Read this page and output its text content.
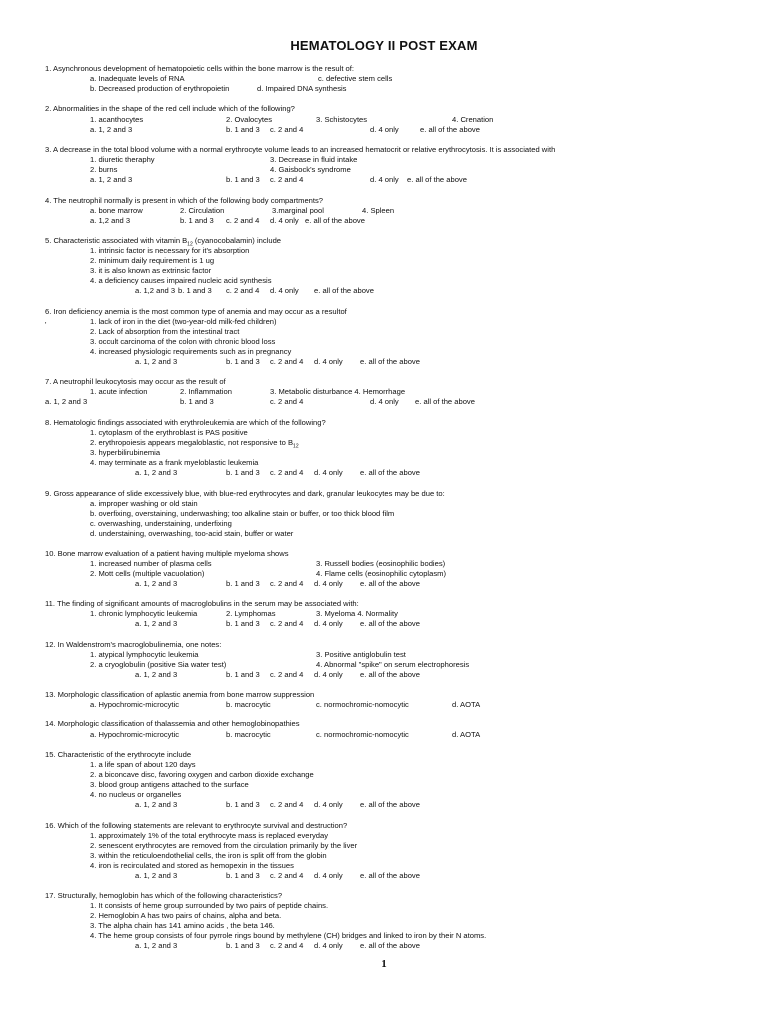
HEMATOLOGY II POST EXAM
1. Asynchronous development of hematopoietic cells within the bone marrow is the result of:
a. Inadequate levels of RNA	c. defective stem cells
b. Decreased production of erythropoietin	d. Impaired DNA synthesis
2. Abnormalities in the shape of the red cell include which of the following?
1. acanthocytes	2. Ovalocytes	3. Schistocytes	4. Crenation
a. 1, 2 and 3	b. 1 and 3 c. 2 and 4	d. 4 only	e. all of the above
3. A decrease in the total blood volume with a normal erythrocyte volume leads to an increased hematocrit or relative erythrocytosis. It is associated with
1. diuretic theraphy	3. Decrease in fluid intake
2. burns	4. Gaisbock's syndrome
a. 1, 2 and 3	b. 1 and 3 c. 2 and 4	d. 4 only e. all of the above
4. The neutrophil normally is present in which of the following body compartments?
a. bone marrow	2. Circulation	3.marginal pool	4. Spleen
a. 1,2 and 3	b. 1 and 3 c. 2 and 4 d. 4 only e. all of the above
5. Characteristic associated with vitamin $B_{12}$ (cyanocobalamin) include
1. intrinsic factor is necessary for it's absorption
2. minimum daily requirement is 1 ug
3. it is also known as extrinsic factor
4. a deficiency causes impaired nucleic acid synthesis
a. 1,2 and 3 b. 1 and 3 c. 2 and 4 d. 4 only e. all of the above
6. Iron deficiency anemia is the most common type of anemia and may occur as a resultof
'	1. lack of iron in the diet (two-year-old milk-fed children)
2. Lack of absorption from the intestinal tract
3. occult carcinoma of the colon with chronic blood loss
4. increased physiologic requirements such as in pregnancy
a. 1, 2 and 3	b. 1 and 3 c. 2 and 4 d. 4 only e. all of the above
7. A neutrophil leukocytosis may occur as the result of
1. acute infection	2. Inflammation	3. Metabolic disturbance 4. Hemorrhage
a. 1, 2 and 3	b. 1 and 3	c. 2 and 4	d. 4 only e. all of the above
8. Hematologic findings associated with erythroleukemia are which of the following?
1. cytoplasm of the erythroblast is PAS positive
2. erythropoiesis appears megaloblastic, not responsive to $B_{12}$
3. hyperbilirubinemia
4. may terminate as a frank myeloblastic leukemia
a. 1, 2 and 3	b. 1 and 3 c. 2 and 4 d. 4 only e. all of the above
9. Gross appearance of slide excessively blue, with blue-red erythrocytes and dark, granular leukocytes may be due to:
a. improper washing or old stain
b. overfixing, overstaining, underwashing; too alkaline stain or buffer, or too thick blood film
c. overwashing, understaining, underfixing
d. understaining, overwashing, too-acid stain, buffer or water
10. Bone marrow evaluation of a patient having multiple myeloma shows
1. increased number of plasma cells	3. Russell bodies (eosinophilic bodies)
2. Mott cells (multiple vacuolation)	4. Flame cells (eosinophilic cytoplasm)
a. 1, 2 and 3	b. 1 and 3 c. 2 and 4 d. 4 only e. all of the above
11. The finding of significant amounts of macroglobulins in the serum may be associated with:
1. chronic lymphocytic leukemia	2. Lymphomas	3. Myeloma 4. Normality
a. 1, 2 and 3	b. 1 and 3 c. 2 and 4 d. 4 only e. all of the above
12. In Waldenstrom's macroglobulinemia, one notes:
1. atypical lymphocytic leukemia	3. Positive antiglobulin test
2. a cryoglobulin (positive Sia water test)	4. Abnormal "spike" on serum electrophoresis
a. 1, 2 and 3	b. 1 and 3 c. 2 and 4 d. 4 only e. all of the above
13. Morphologic classification of aplastic anemia from bone marrow suppression
a. Hypochromic-microcytic	b. macrocytic	c. normochromic-nomocytic	d. AOTA
14. Morphologic classification of thalassemia and other hemoglobinopathies
a. Hypochromic-microcytic	b. macrocytic	c. normochromic-nomocytic	d. AOTA
15. Characteristic of the erythrocyte include
1. a life span of about 120 days
2. a biconcave disc, favoring oxygen and carbon dioxide exchange
3. blood group antigens attached to the surface
4. no nucleus or organelles
a. 1, 2 and 3	b. 1 and 3 c. 2 and 4 d. 4 only e. all of the above
16. Which of the following statements are relevant to erythrocyte survival and destruction?
1. approximately 1% of the total erythrocyte mass is replaced everyday
2. senescent erythrocytes are removed from the circulation primarily by the liver
3. within the reticuloendothelial cells, the iron is split off from the globin
4. iron is recirculated and stored as hemopexin in the tissues
a. 1, 2 and 3	b. 1 and 3 c. 2 and 4 d. 4 only e. all of the above
17. Structurally, hemoglobin has which of the following characteristics?
1. It consists of heme group surrounded by two pairs of peptide chains.
2. Hemoglobin A has two pairs of chains, alpha and beta.
3. The alpha chain has 141 amino acids , the beta 146.
4. The heme group consists of four pyrrole rings bound by methylene (CH) bridges and linked to iron by their N atoms.
a. 1, 2 and 3	b. 1 and 3 c. 2 and 4 d. 4 only e. all of the above
1
